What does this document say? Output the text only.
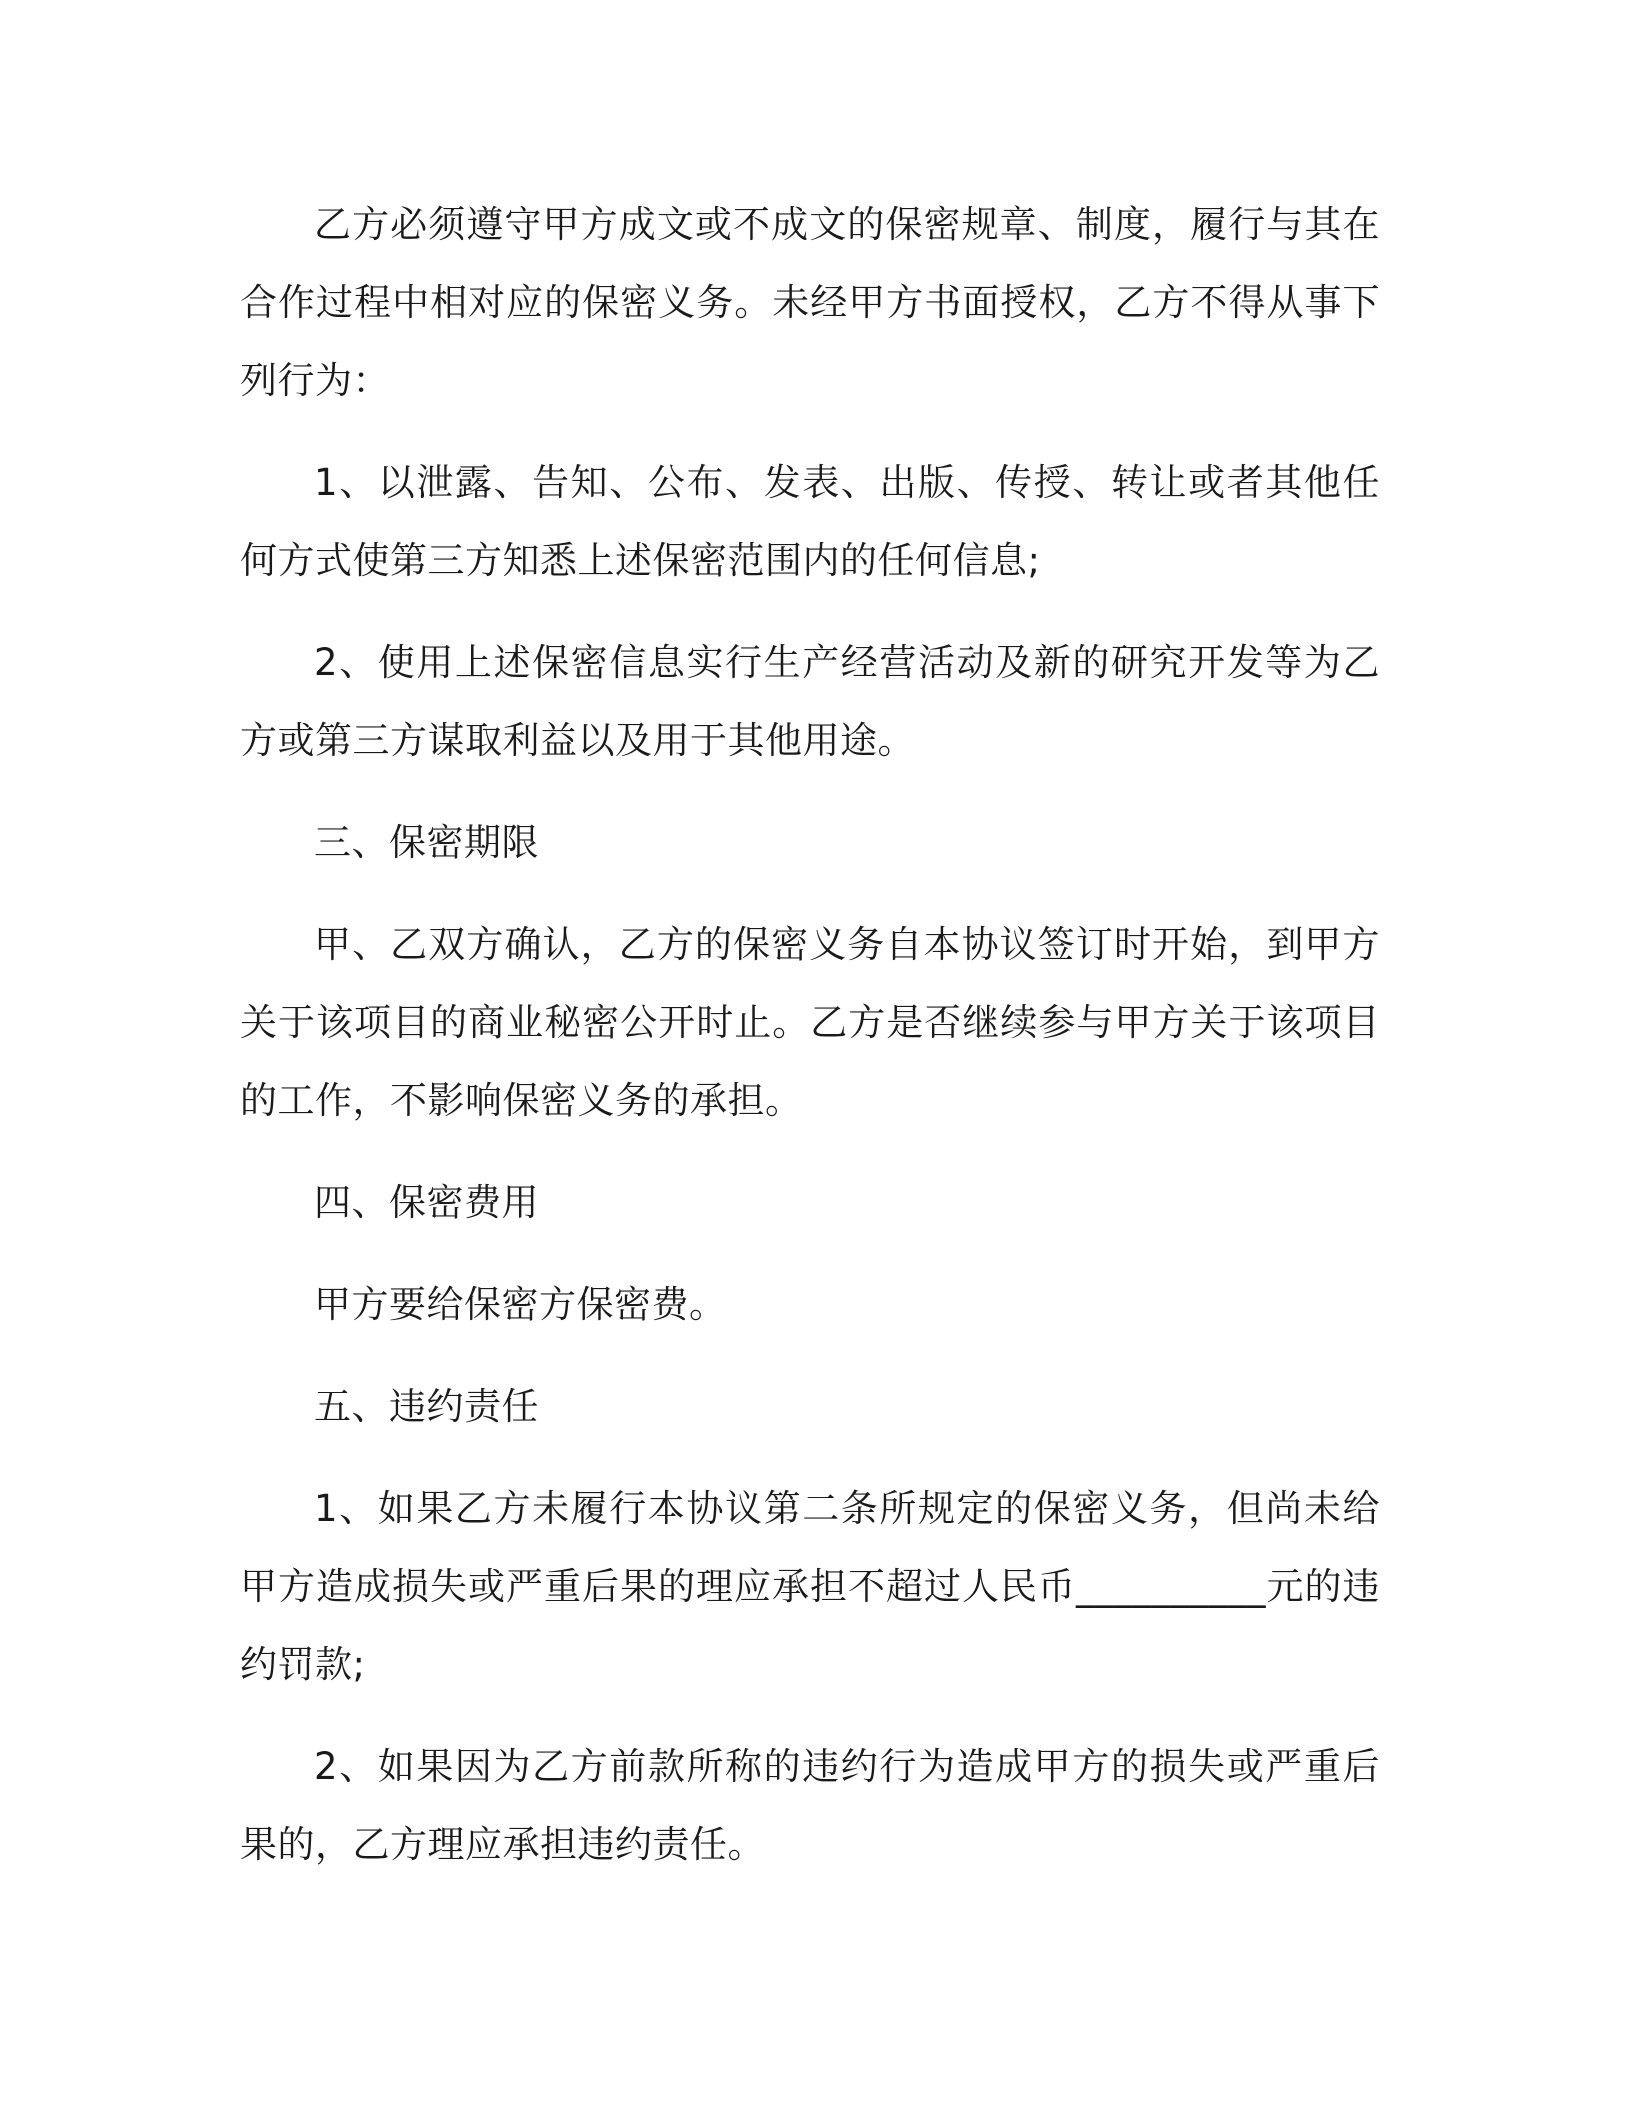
乙方必须遵守甲方成文或不成文的保密规章、制度，履行与其在合作过程中相对应的保密义务。未经甲方书面授权，乙方不得从事下列行为：

1、以泄露、告知、公布、发表、出版、传授、转让或者其他任何方式使第三方知悉上述保密范围内的任何信息;

2、使用上述保密信息实行生产经营活动及新的研究开发等为乙方或第三方谋取利益以及用于其他用途。

三、保密期限

甲、乙双方确认，乙方的保密义务自本协议签订时开始，到甲方关于该项目的商业秘密公开时止。乙方是否继续参与甲方关于该项目的工作，不影响保密义务的承担。

四、保密费用

甲方要给保密方保密费。

五、违约责任

1、如果乙方未履行本协议第二条所规定的保密义务，但尚未给甲方造成损失或严重后果的理应承担不超过人民币__________元的违约罚款;

2、如果因为乙方前款所称的违约行为造成甲方的损失或严重后果的，乙方理应承担违约责任。
